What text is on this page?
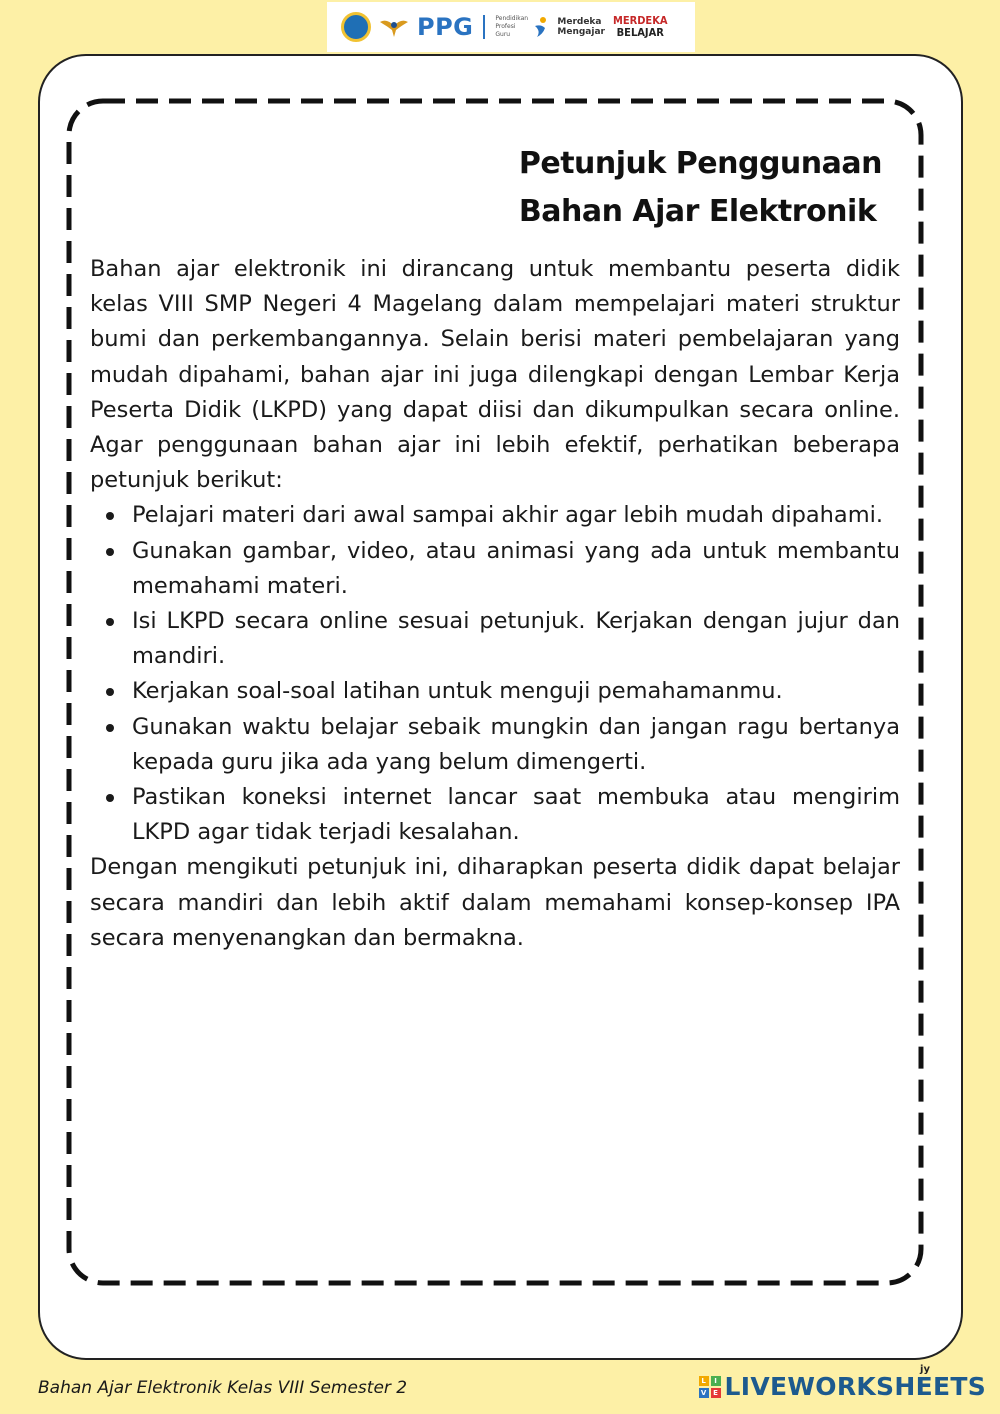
PPG	Pendidikan
Profesi
Guru
Merdeka
Mengajar
MERDEKA
BELAJAR
Petunjuk Penggunaan
Bahan Ajar Elektronik

Bahan ajar elektronik ini dirancang untuk membantu peserta didik kelas VIII SMP Negeri 4 Magelang dalam mempelajari materi struktur bumi dan perkembangannya. Selain berisi materi pembelajaran yang mudah dipahami, bahan ajar ini juga dilengkapi dengan Lembar Kerja Peserta Didik (LKPD) yang dapat diisi dan dikumpulkan secara online. Agar penggunaan bahan ajar ini lebih efektif, perhatikan beberapa petunjuk berikut:

Pelajari materi dari awal sampai akhir agar lebih mudah dipahami.
Gunakan gambar, video, atau animasi yang ada untuk membantu memahami materi.
Isi LKPD secara online sesuai petunjuk. Kerjakan dengan jujur dan mandiri.
Kerjakan soal-soal latihan untuk menguji pemahamanmu.
Gunakan waktu belajar sebaik mungkin dan jangan ragu bertanya kepada guru jika ada yang belum dimengerti.
Pastikan koneksi internet lancar saat membuka atau mengirim LKPD agar tidak terjadi kesalahan.

Dengan mengikuti petunjuk ini, diharapkan peserta didik dapat belajar secara mandiri dan lebih aktif dalam memahami konsep-konsep IPA secara menyenangkan dan bermakna.

Bahan Ajar Elektronik Kelas VIII Semester 2
jy
L	I
V E LIVEWORKSHEETS
